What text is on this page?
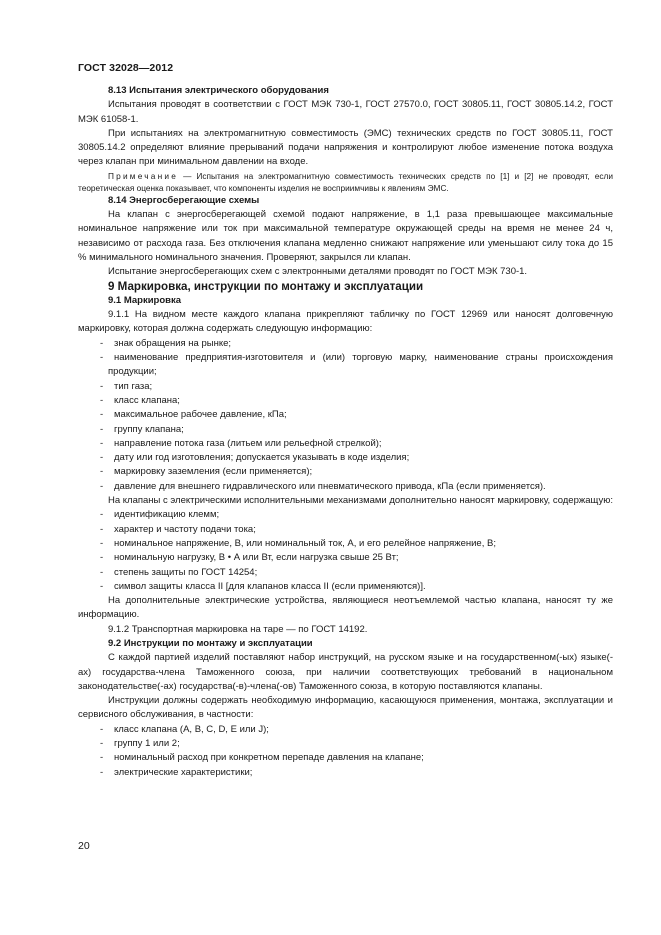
ГОСТ 32028—2012

8.13 Испытания электрического оборудования

Испытания проводят в соответствии с ГОСТ МЭК 730-1, ГОСТ 27570.0, ГОСТ 30805.11, ГОСТ 30805.14.2, ГОСТ МЭК 61058-1.

При испытаниях на электромагнитную совместимость (ЭМС) технических средств по ГОСТ 30805.11, ГОСТ 30805.14.2 определяют влияние прерываний подачи напряжения и контролируют любое изменение потока воздуха через клапан при минимальном давлении на входе.

Примечание — Испытания на электромагнитную совместимость технических средств по [1] и [2] не проводят, если теоретическая оценка показывает, что компоненты изделия не восприимчивы к явлениям ЭМС.

8.14 Энергосберегающие схемы

На клапан с энергосберегающей схемой подают напряжение, в 1,1 раза превышающее максимальные номинальное напряжение или ток при максимальной температуре окружающей среды на время не менее 24 ч, независимо от расхода газа. Без отключения клапана медленно снижают напряжение или уменьшают силу тока до 15 % минимального номинального значения. Проверяют, закрылся ли клапан.

Испытание энергосберегающих схем с электронными деталями проводят по ГОСТ МЭК 730-1.

9 Маркировка, инструкции по монтажу и эксплуатации

9.1 Маркировка

9.1.1 На видном месте каждого клапана прикрепляют табличку по ГОСТ 12969 или наносят долговечную маркировку, которая должна содержать следующую информацию:

- знак обращения на рынке;

- наименование предприятия-изготовителя и (или) торговую марку, наименование страны происхождения продукции;

- тип газа;

- класс клапана;

- максимальное рабочее давление, кПа;

- группу клапана;

- направление потока газа (литьем или рельефной стрелкой);

- дату или год изготовления; допускается указывать в коде изделия;

- маркировку заземления (если применяется);

- давление для внешнего гидравлического или пневматического привода, кПа (если применяется).

На клапаны с электрическими исполнительными механизмами дополнительно наносят маркировку, содержащую:

- идентификацию клемм;

- характер и частоту подачи тока;

- номинальное напряжение, В, или номинальный ток, А, и его релейное напряжение, В;

- номинальную нагрузку, В • А или Вт, если нагрузка свыше 25 Вт;

- степень защиты по ГОСТ 14254;

- символ защиты класса II [для клапанов класса II (если применяются)].

На дополнительные электрические устройства, являющиеся неотъемлемой частью клапана, наносят ту же информацию.

9.1.2 Транспортная маркировка на таре — по ГОСТ 14192.

9.2 Инструкции по монтажу и эксплуатации

С каждой партией изделий поставляют набор инструкций, на русском языке и на государственном(-ых) языке(-ах) государства-члена Таможенного союза, при наличии соответствующих требований в национальном законодательстве(-ах) государства(-в)-члена(-ов) Таможенного союза, в которую поставляются клапаны.

Инструкции должны содержать необходимую информацию, касающуюся применения, монтажа, эксплуатации и сервисного обслуживания, в частности:

- класс клапана (A, B, C, D, E или J);

- группу 1 или 2;

- номинальный расход при конкретном перепаде давления на клапане;

- электрические характеристики;

20
